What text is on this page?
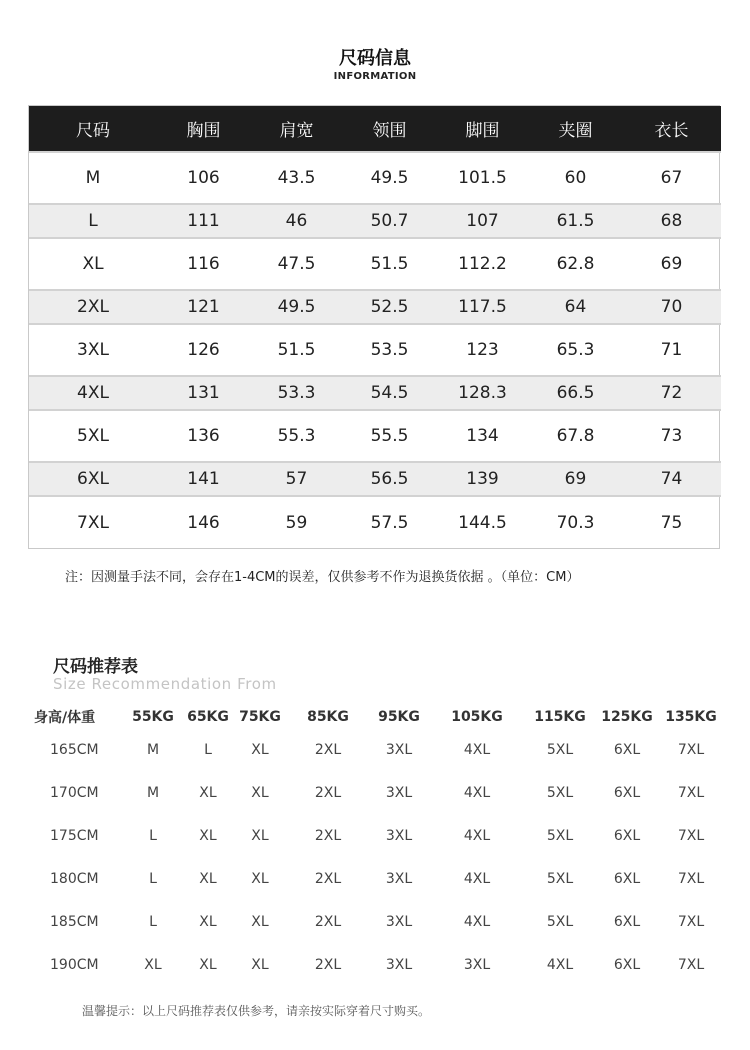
尺码信息
INFORMATION
尺码	胸围	肩宽	领围	脚围	夹圈	衣长
M	106	43.5	49.5	101.5	60	67
L	111	46	50.7	107	61.5	68
XL	116	47.5	51.5	112.2	62.8	69
2XL	121	49.5	52.5	117.5	64	70
3XL	126	51.5	53.5	123	65.3	71
4XL	131	53.3	54.5	128.3	66.5	72
5XL	136	55.3	55.5	134	67.8	73
6XL	141	57	56.5	139	69	74
7XL	146	59	57.5	144.5	70.3	75
注：因测量手法不同，会存在1-4CM的误差，仅供参考不作为退换货依据 。（单位：CM）
尺码推荐表
Size Recommendation From
身高/体重	55KG	65KG	75KG	85KG	95KG	105KG	115KG	125KG	135KG
165CM	M	L	XL	2XL	3XL	4XL	5XL	6XL	7XL
170CM	M	XL	XL	2XL	3XL	4XL	5XL	6XL	7XL
175CM	L	XL	XL	2XL	3XL	4XL	5XL	6XL	7XL
180CM	L	XL	XL	2XL	3XL	4XL	5XL	6XL	7XL
185CM	L	XL	XL	2XL	3XL	4XL	5XL	6XL	7XL
190CM	XL	XL	XL	2XL	3XL	3XL	4XL	6XL	7XL
温馨提示：以上尺码推荐表仅供参考，请亲按实际穿着尺寸购买。
